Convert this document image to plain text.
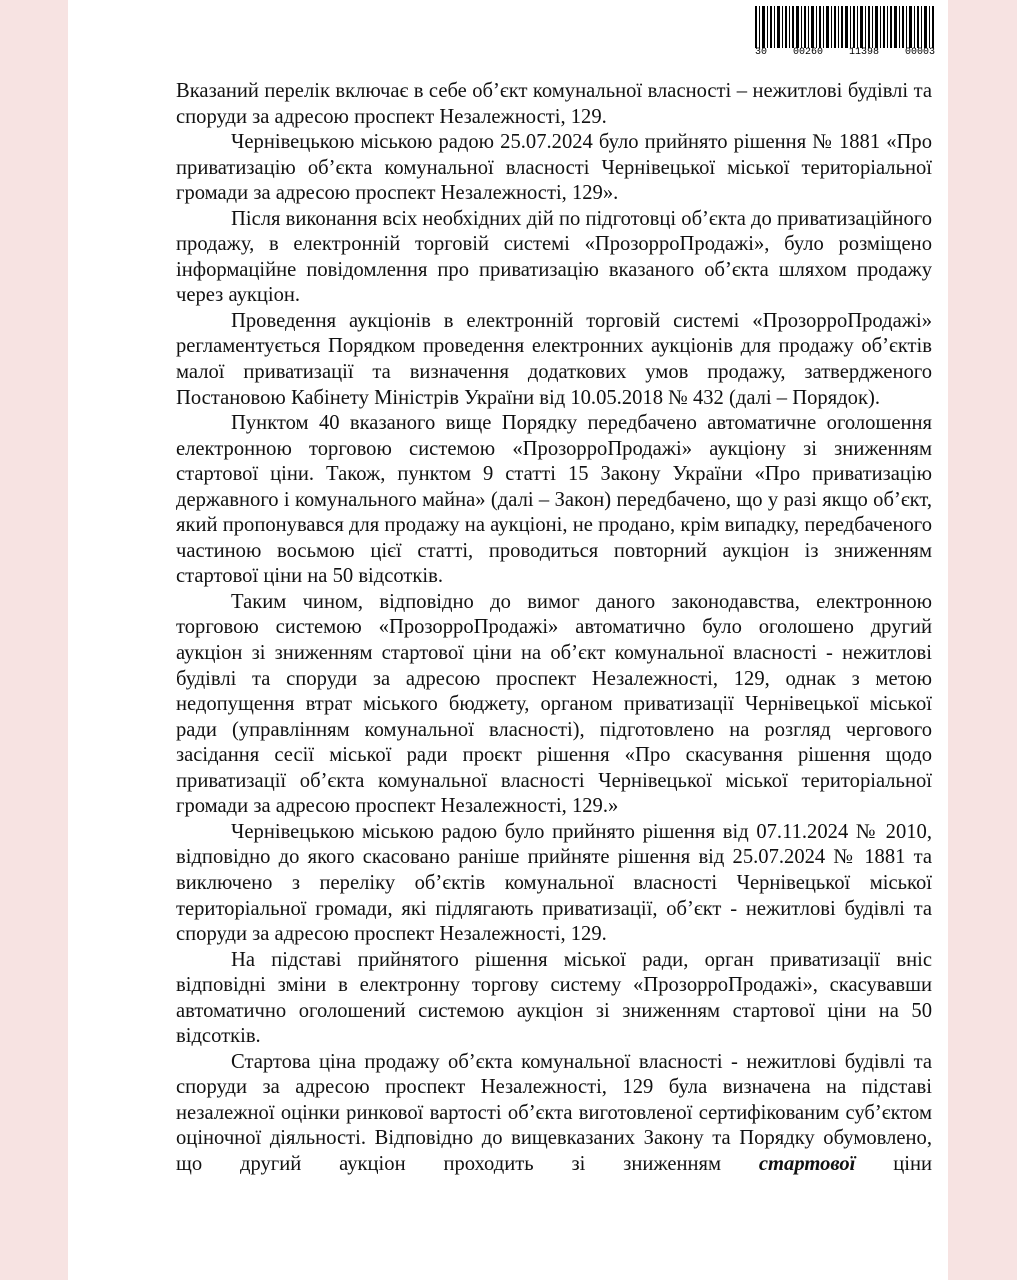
30	00260	11398	00003

Вказаний перелік включає в себе об’єкт комунальної власності – нежитлові будівлі та споруди за адресою проспект Незалежності, 129.

Чернівецькою міською радою 25.07.2024 було прийнято рішення № 1881 «Про приватизацію об’єкта комунальної власності Чернівецької міської територіальної громади за адресою проспект Незалежності, 129».

Після виконання всіх необхідних дій по підготовці об’єкта до приватизаційного продажу, в електронній торговій системі «ПрозорроПродажі», було розміщено інформаційне повідомлення про приватизацію вказаного об’єкта шляхом продажу через аукціон.

Проведення аукціонів в електронній торговій системі «ПрозорроПродажі» регламентується Порядком проведення електронних аукціонів для продажу об’єктів малої приватизації та визначення додаткових умов продажу, затвердженого Постановою Кабінету Міністрів України від 10.05.2018 № 432 (далі – Порядок).

Пунктом 40 вказаного вище Порядку передбачено автоматичне оголошення електронною торговою системою «ПрозорроПродажі» аукціону зі зниженням стартової ціни. Також, пунктом 9 статті 15 Закону України «Про приватизацію державного і комунального майна» (далі – Закон) передбачено, що у разі якщо об’єкт, який пропонувався для продажу на аукціоні, не продано, крім випадку, передбаченого частиною восьмою цієї статті, проводиться повторний аукціон із зниженням стартової ціни на 50 відсотків.

Таким чином, відповідно до вимог даного законодавства, електронною торговою системою «ПрозорроПродажі» автоматично було оголошено другий аукціон зі зниженням стартової ціни на об’єкт комунальної власності - нежитлові будівлі та споруди за адресою проспект Незалежності, 129, однак з метою недопущення втрат міського бюджету, органом приватизації Чернівецької міської ради (управлінням комунальної власності), підготовлено на розгляд чергового засідання сесії міської ради проєкт рішення «Про скасування рішення щодо приватизації об’єкта комунальної власності Чернівецької міської територіальної громади за адресою проспект Незалежності, 129.»

Чернівецькою міською радою було прийнято рішення від 07.11.2024 № 2010, відповідно до якого скасовано раніше прийняте рішення від 25.07.2024 № 1881 та виключено з переліку об’єктів комунальної власності Чернівецької міської територіальної громади, які підлягають приватизації, об’єкт - нежитлові будівлі та споруди за адресою проспект Незалежності, 129.

На підставі прийнятого рішення міської ради, орган приватизації вніс відповідні зміни в електронну торгову систему «ПрозорроПродажі», скасувавши автоматично оголошений системою аукціон зі зниженням стартової ціни на 50 відсотків.

Стартова ціна продажу об’єкта комунальної власності - нежитлові будівлі та споруди за адресою проспект Незалежності, 129 була визначена на підставі незалежної оцінки ринкової вартості об’єкта виготовленої сертифікованим суб’єктом оціночної діяльності. Відповідно до вищевказаних Закону та Порядку обумовлено, що другий аукціон проходить зі зниженням стартової ціни
